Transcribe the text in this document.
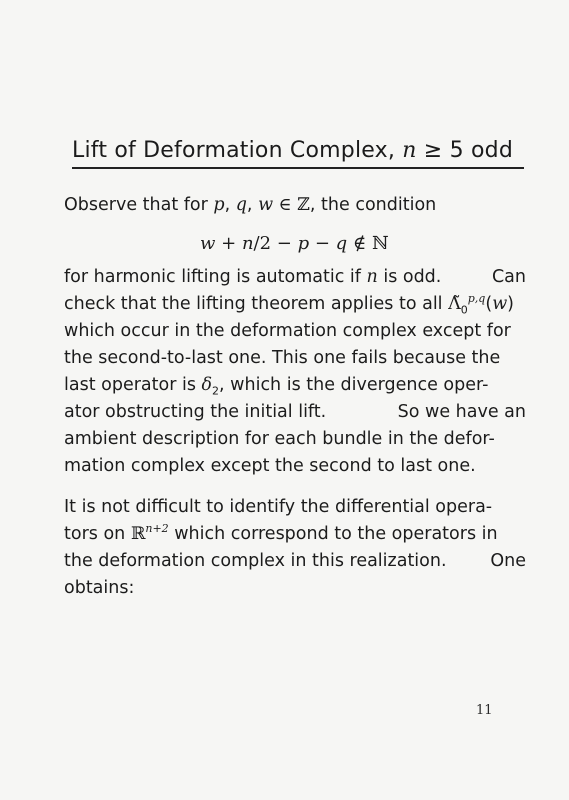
Lift of Deformation Complex, n ≥ 5 odd
Observe that for p, q, w ∈ ℤ, the condition
w + n/2 − p − q ∉ ℕ
for harmonic lifting is automatic if n is odd.	Can
check that the lifting theorem applies to all $\Lambdã_0^{p,q}(w)$
which occur in the deformation complex except for
the second-to-last one. This one fails because the
last operator is $\delta_2$, which is the divergence oper-
ator obstructing the initial lift.	So we have an
ambient description for each bundle in the defor-
mation complex except the second to last one.
It is not difficult to identify the differential opera-
tors on ℝ$^{n+2}$ which correspond to the operators in
the deformation complex in this realization.	One
obtains:
11
